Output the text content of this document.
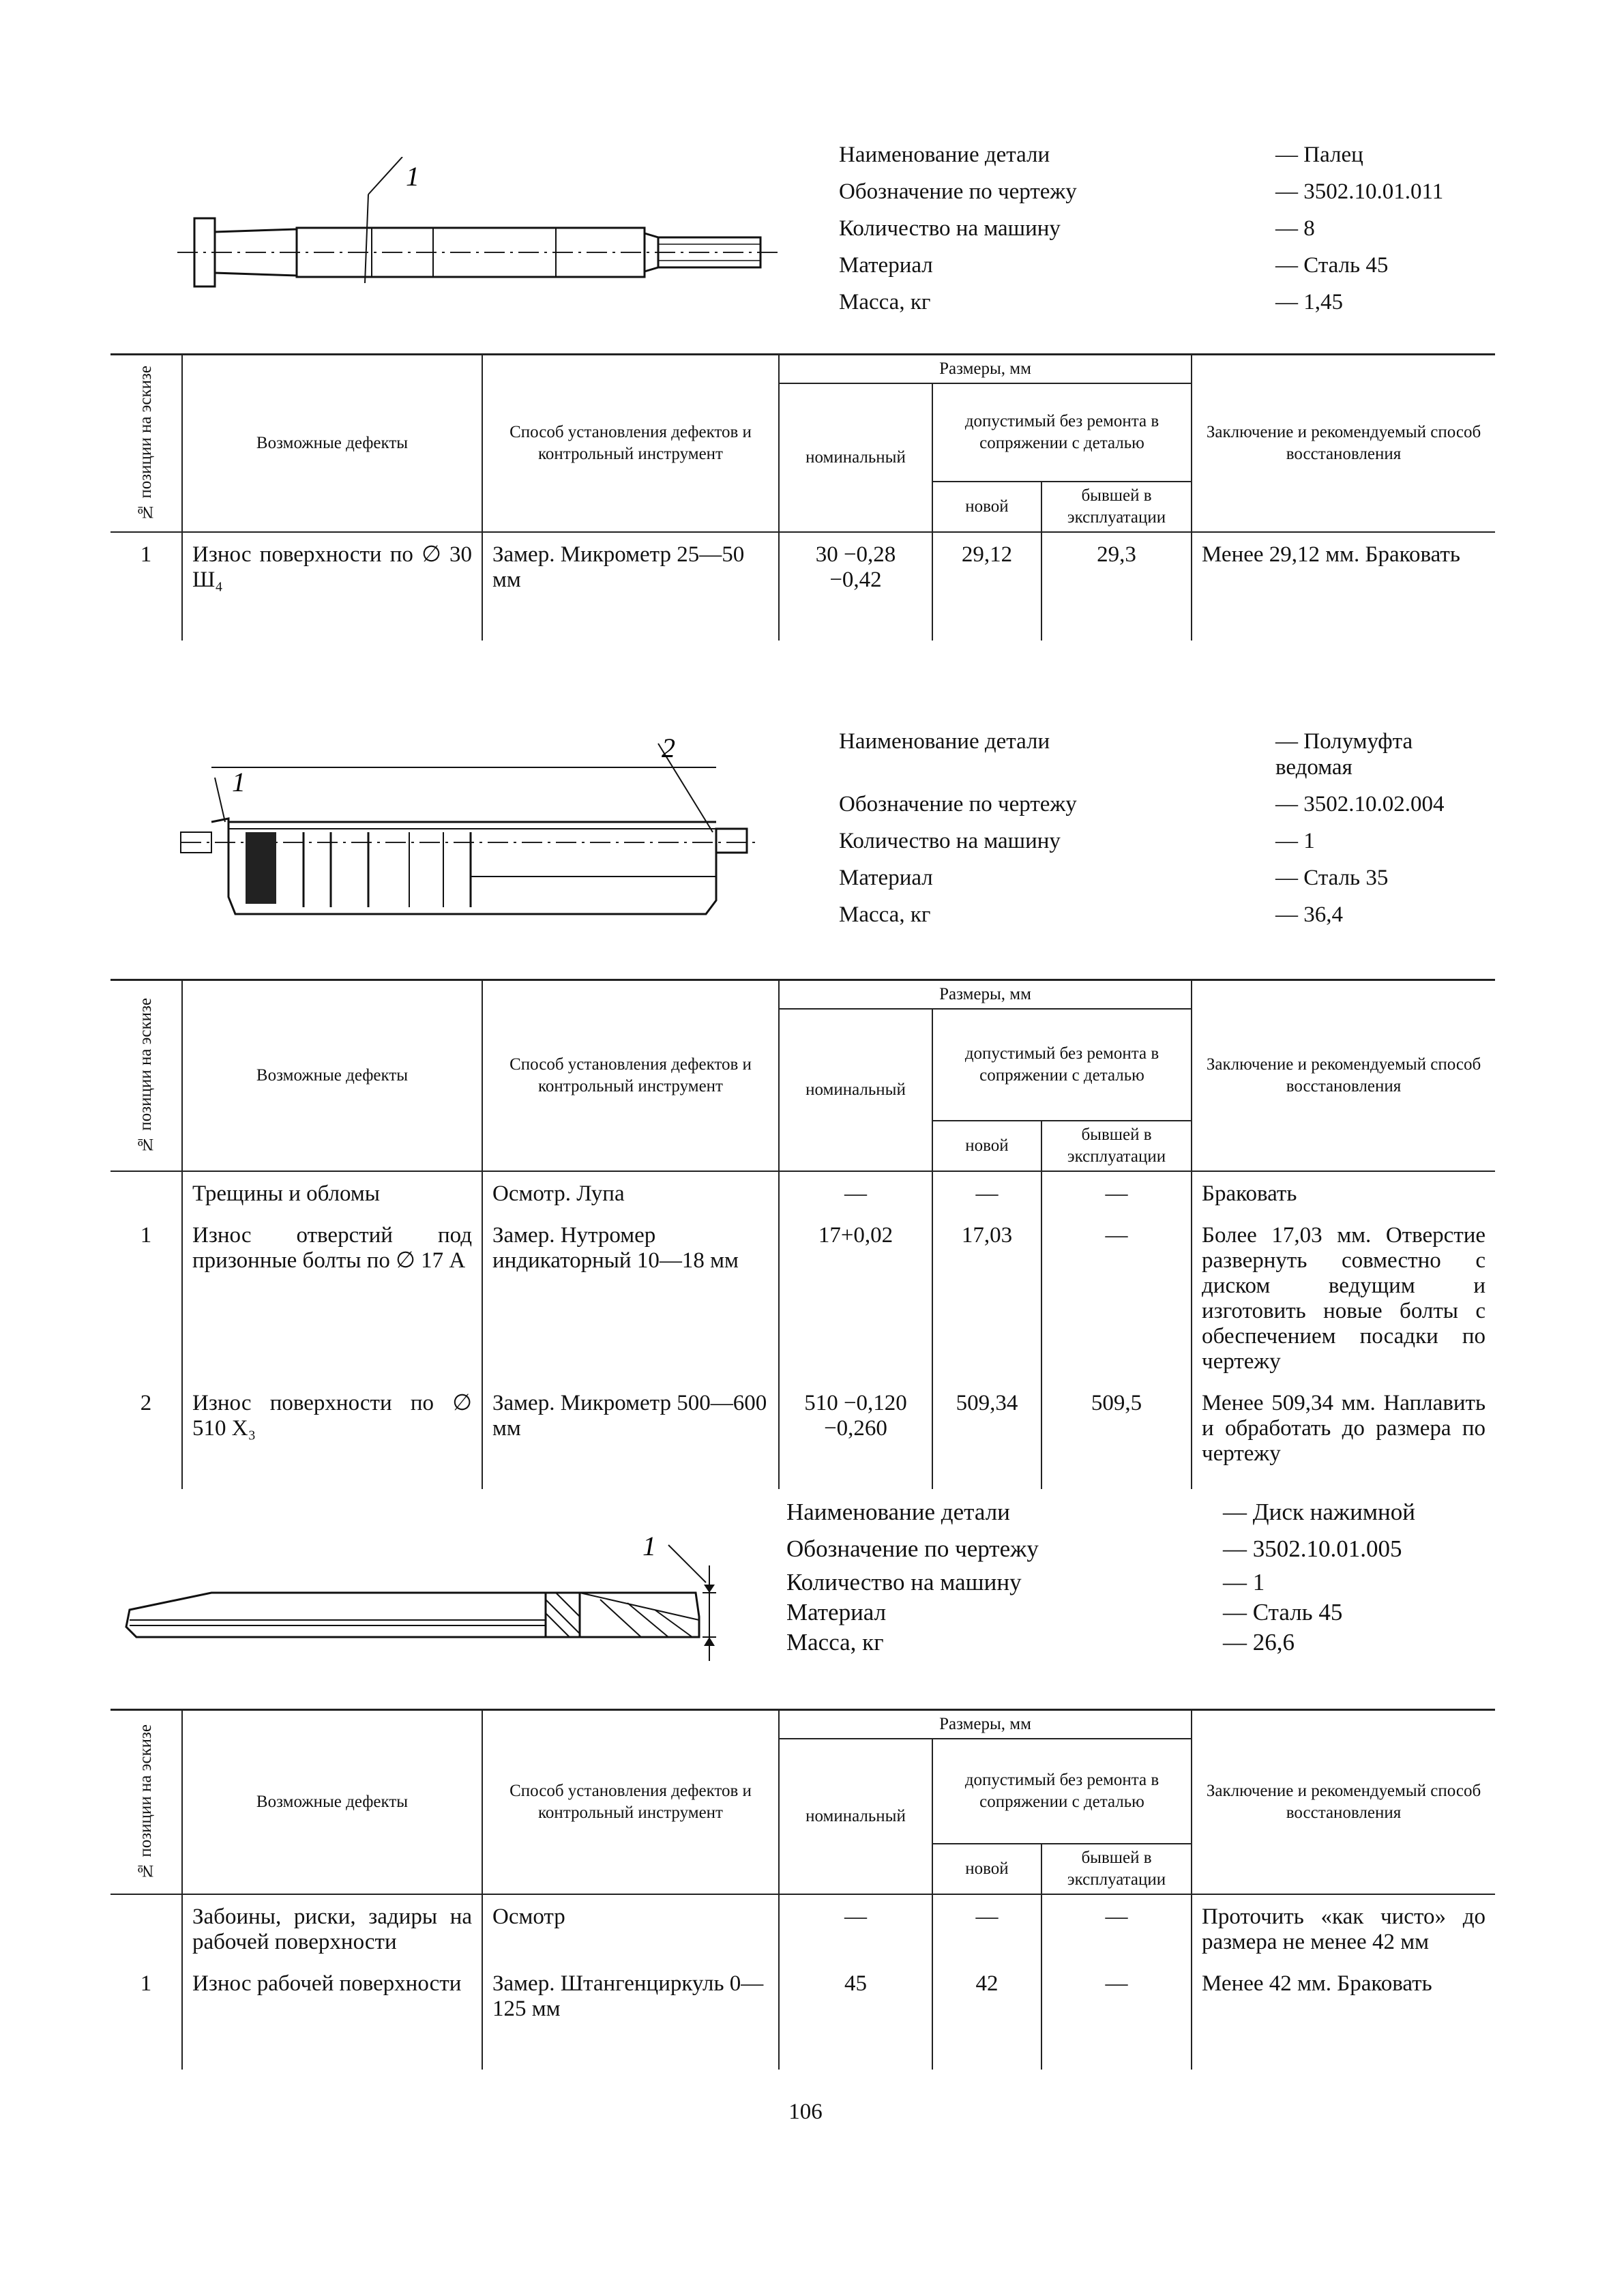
1
Наименование детали	— Палец
Обозначение по чертежу	— 3502.10.01.011
Количество на машину	— 8
Материал	— Сталь 45
Масса, кг	— 1,45
№ позиции на эскизе	Возможные дефекты	Способ установления дефектов и контрольный инструмент	Размеры, мм			Заключение и рекомендуемый способ восстановления
			номинальный	допустимый без ремонта в сопряжении с деталью		
				новой	бывшей в эксплуатации	
1	Износ поверхности по ∅ 30 Ш₄	Замер. Микрометр 25—50 мм	30 −0,28 −0,42	29,12	29,3	Менее 29,12 мм. Браковать
1
2	Наименование детали	— Полумуфта ведомая
Обозначение по чертежу	— 3502.10.02.004
Количество на машину	— 1
Материал	— Сталь 35
Масса, кг	— 36,4
№ позиции на эскизе	Возможные дефекты	Способ установления дефектов и контрольный инструмент	Размеры, мм			Заключение и рекомендуемый способ восстановления
			номинальный	допустимый без ремонта в сопряжении с деталью		
				новой	бывшей в эксплуатации	
	Трещины и обломы	Осмотр. Лупа	—	—	—	Браковать
1	Износ отверстий под призонные болты по ∅ 17 А	Замер. Нутромер индикаторный 10—18 мм	17+0,02	17,03	—	Более 17,03 мм. Отверстие развернуть совместно с диском ведущим и изготовить новые болты с обеспечением посадки по чертежу
2	Износ поверхности по ∅ 510 Х₃	Замер. Микрометр 500—600 мм	510 −0,120 −0,260	509,34	509,5	Менее 509,34 мм. Наплавить и обработать до размера по чертежу
1
Наименование детали	— Диск нажимной
Обозначение по чертежу	— 3502.10.01.005
Количество на машину	— 1
Материал	— Сталь 45
Масса, кг	— 26,6
№ позиции на эскизе	Возможные дефекты	Способ установления дефектов и контрольный инструмент	Размеры, мм			Заключение и рекомендуемый способ восстановления
			номинальный	допустимый без ремонта в сопряжении с деталью		
				новой	бывшей в эксплуатации	
	Забоины, риски, задиры на рабочей поверхности	Осмотр	—	—	—	Проточить «как чисто» до размера не менее 42 мм
1	Износ рабочей поверхности	Замер. Штангенциркуль 0—125 мм	45	42	—	Менее 42 мм. Браковать
106
